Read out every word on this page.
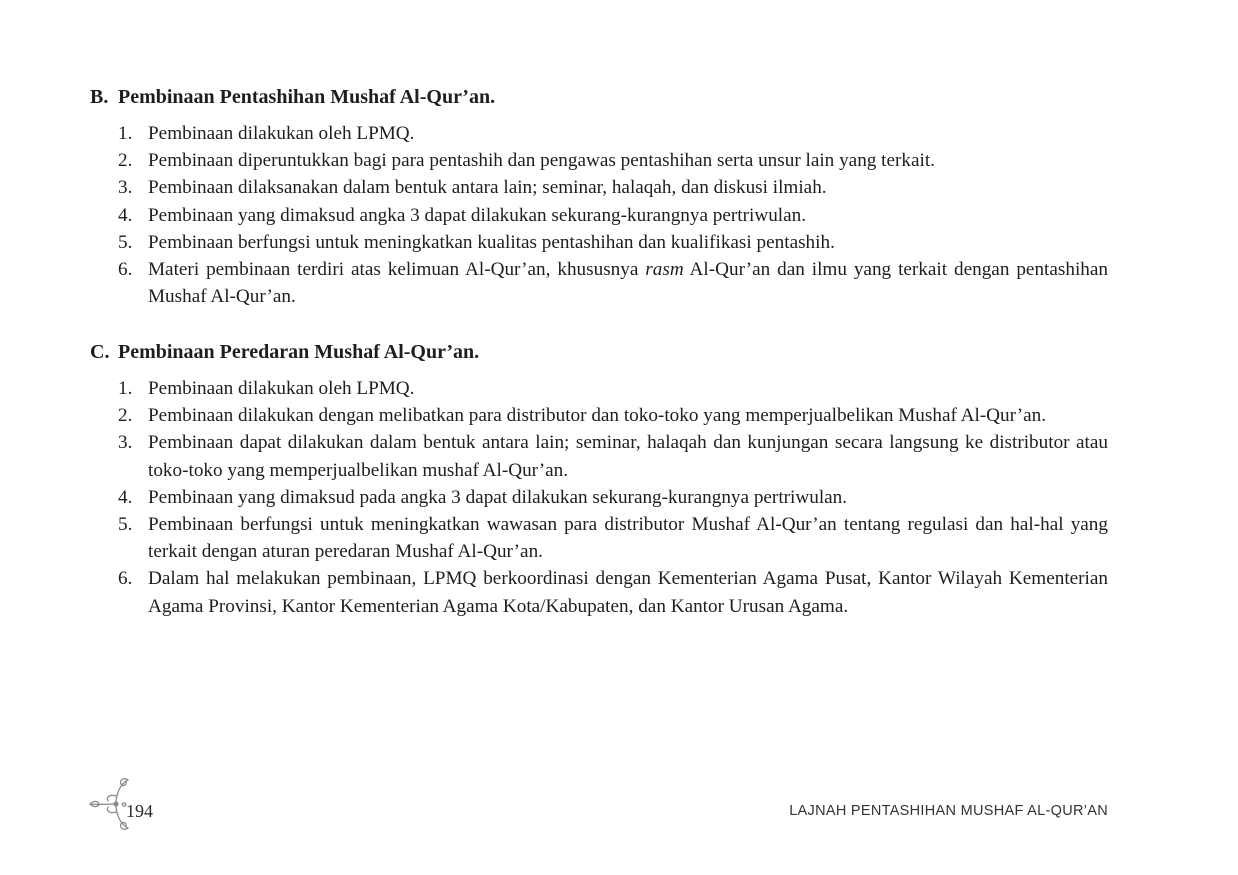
B. Pembinaan Pentashihan Mushaf Al-Qur’an.
1. Pembinaan dilakukan oleh LPMQ.
2. Pembinaan diperuntukkan bagi para pentashih dan pengawas pentashihan serta unsur lain yang terkait.
3. Pembinaan dilaksanakan dalam bentuk antara lain; seminar, halaqah, dan diskusi ilmiah.
4. Pembinaan yang dimaksud angka 3 dapat dilakukan sekurang-kurangnya pertriwulan.
5. Pembinaan berfungsi untuk meningkatkan kualitas pentashihan dan kualifikasi pentashih.
6. Materi pembinaan terdiri atas kelimuan Al-Qur’an, khususnya rasm Al-Qur’an dan ilmu yang terkait dengan pentashihan Mushaf Al-Qur’an.
C. Pembinaan Peredaran Mushaf Al-Qur’an.
1. Pembinaan dilakukan oleh LPMQ.
2. Pembinaan dilakukan dengan melibatkan para distributor dan toko-toko yang memperjualbelikan Mushaf Al-Qur’an.
3. Pembinaan dapat dilakukan dalam bentuk antara lain; seminar, halaqah dan kunjungan secara langsung ke distributor atau toko-toko yang memperjualbelikan mushaf Al-Qur’an.
4. Pembinaan yang dimaksud pada angka 3 dapat dilakukan sekurang-kurangnya pertriwulan.
5. Pembinaan berfungsi untuk meningkatkan wawasan para distributor Mushaf Al-Qur’an tentang regulasi dan hal-hal yang terkait dengan aturan peredaran Mushaf Al-Qur’an.
6. Dalam hal melakukan pembinaan, LPMQ berkoordinasi dengan Kementerian Agama Pusat, Kantor Wilayah Kementerian Agama Provinsi, Kantor Kementerian Agama Kota/Kabupaten, dan Kantor Urusan Agama.
194	LAJNAH PENTASHIHAN MUSHAF AL-QUR’AN
